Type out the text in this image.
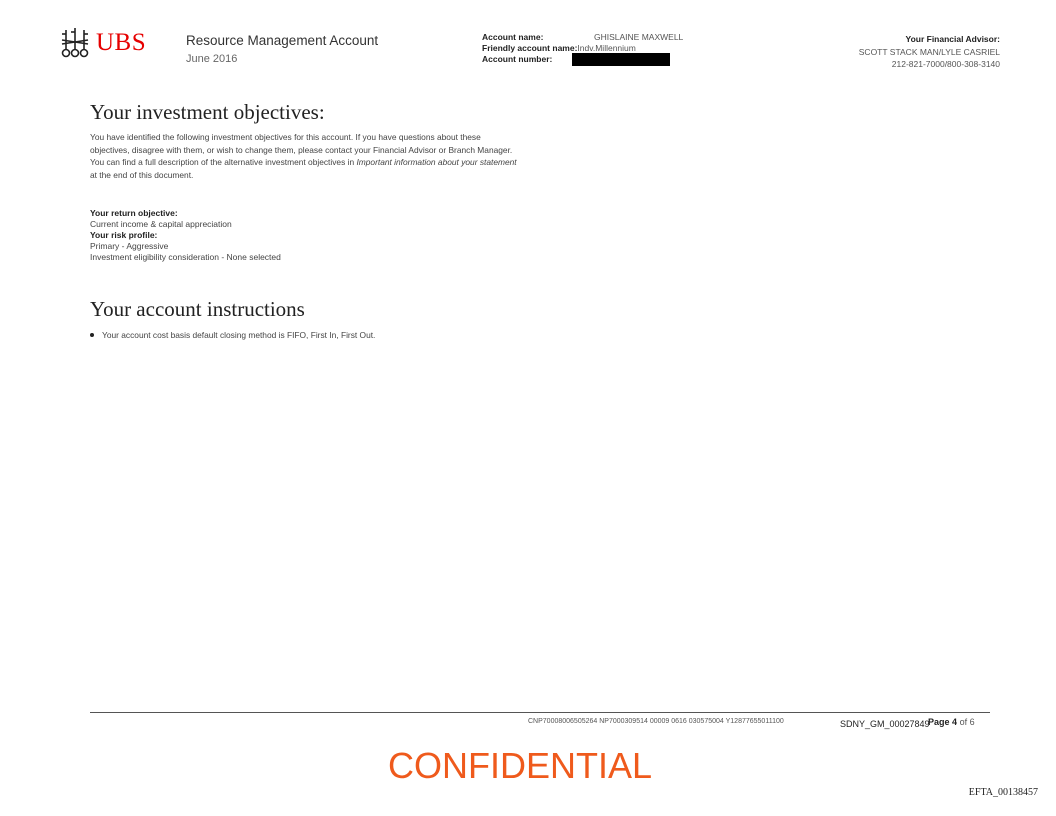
UBS	Resource Management Account
June 2016
Account name:	GHISLAINE MAXWELL
Friendly account name:Indv.Millennium
Account number:
Your Financial Advisor:
SCOTT STACK MAN/LYLE CASRIEL
212-821-7000/800-308-3140
Your investment objectives:
You have identified the following investment objectives for this account. If you have questions about these objectives, disagree with them, or wish to change them, please contact your Financial Advisor or Branch Manager. You can find a full description of the alternative investment objectives in Important information about your statement at the end of this document.
Your return objective:
Current income & capital appreciation
Your risk profile:
Primary - Aggressive
Investment eligibility consideration - None selected
Your account instructions
Your account cost basis default closing method is FIFO, First In, First Out.
CNP70008006505264 NP7000309514 00009 0616 030575004 Y12877655011100	SDNY_GM_00027849
Page 4 of 6
CONFIDENTIAL
EFTA_00138457
